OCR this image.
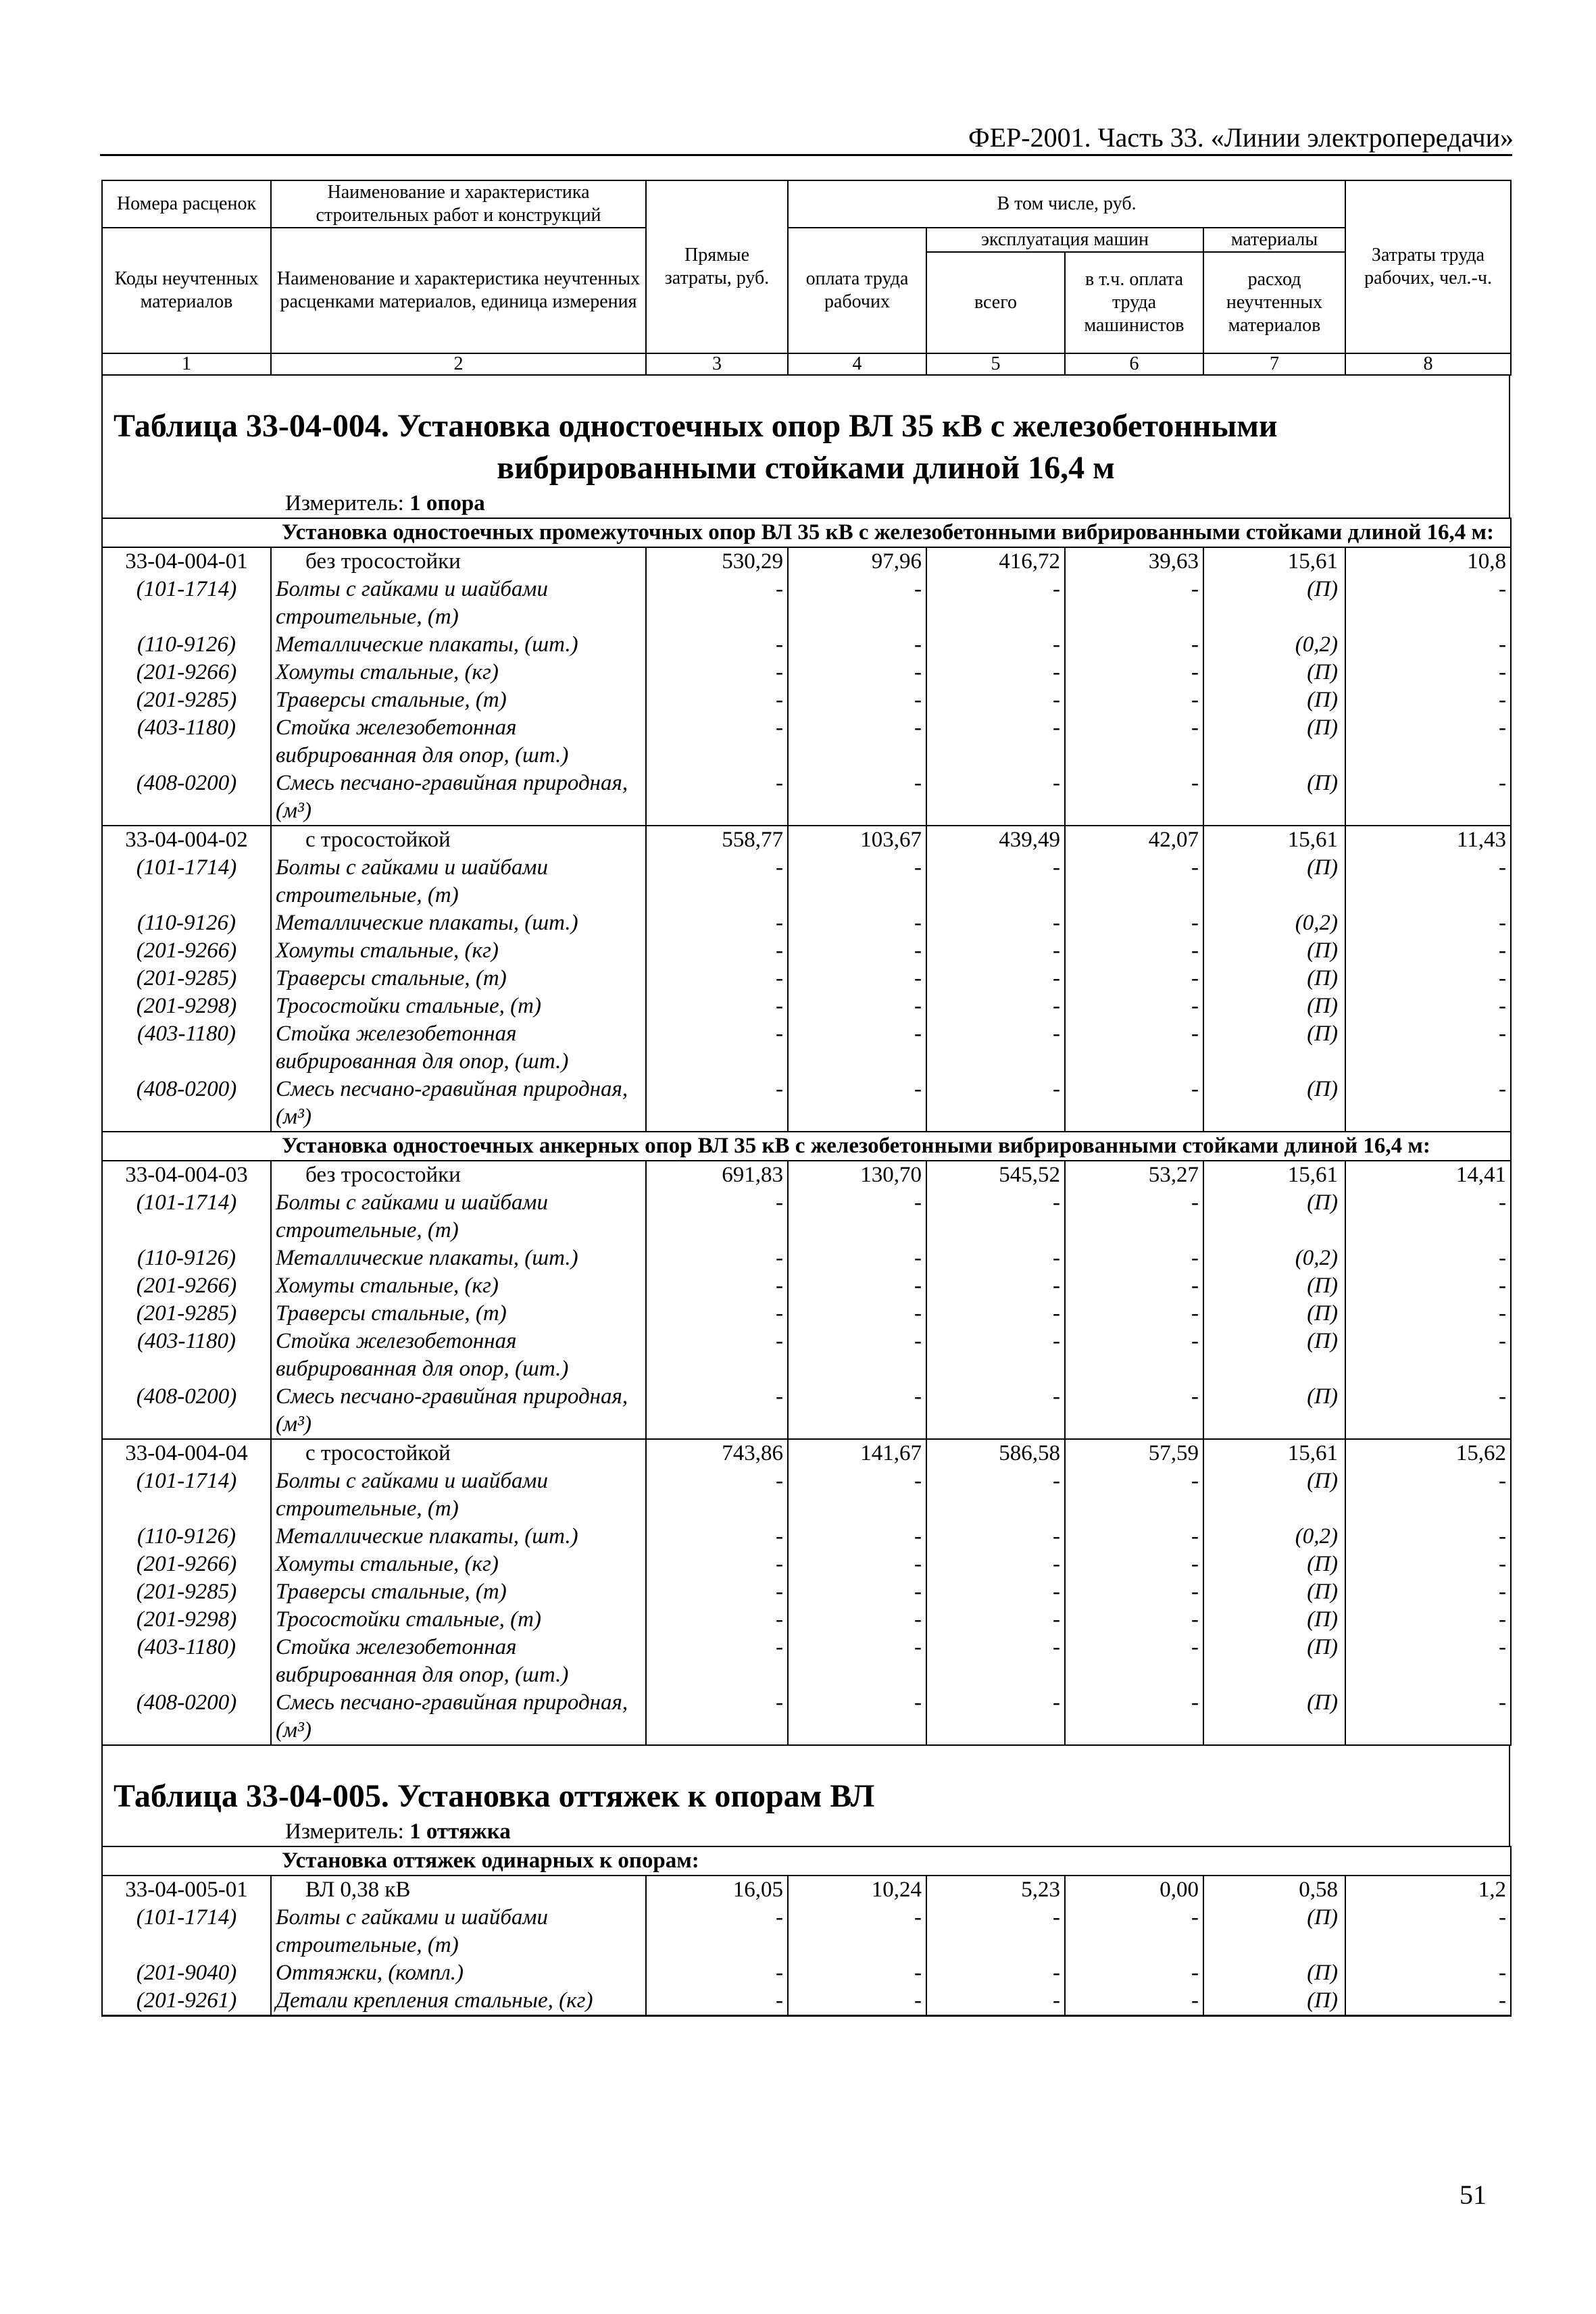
ФЕР-2001. Часть 33. «Линии электропередачи»
Номера расценок	Наименование и характеристика строительных работ и конструкций	Прямые затраты, руб.	В том числе, руб.				Затраты труда рабочих, чел.-ч.
Коды неучтенных материалов	Наименование и характеристика неучтенных расценками материалов, единица измерения		оплата труда рабочих	эксплуатация машин		материалы	
				всего	в т.ч. оплата труда машинистов	расход неучтенных материалов	
1	2	3	4	5	6	7	8
Таблица 33-04-004. Установка одностоечных опор ВЛ 35 кВ с железобетонными
вибрированными стойками длиной 16,4 м
Измеритель: 1 опора
	Установка одностоечных промежуточных опор ВЛ 35 кВ с железобетонными вибрированными стойками длиной 16,4 м:						
33-04-004-01	без тросостойки	530,29	97,96	416,72	39,63	15,61	10,8
(101-1714)	Болты с гайками и шайбами строительные, (т)	-	-	-	-	(П)	-
(110-9126)	Металлические плакаты, (шт.)	-	-	-	-	(0,2)	-
(201-9266)	Хомуты стальные, (кг)	-	-	-	-	(П)	-
(201-9285)	Траверсы стальные, (т)	-	-	-	-	(П)	-
(403-1180)	Стойка железобетонная вибрированная для опор, (шт.)	-	-	-	-	(П)	-
(408-0200)	Смесь песчано-гравийная природная, (м³)	-	-	-	-	(П)	-
33-04-004-02	с тросостойкой	558,77	103,67	439,49	42,07	15,61	11,43
(101-1714)	Болты с гайками и шайбами строительные, (т)	-	-	-	-	(П)	-
(110-9126)	Металлические плакаты, (шт.)	-	-	-	-	(0,2)	-
(201-9266)	Хомуты стальные, (кг)	-	-	-	-	(П)	-
(201-9285)	Траверсы стальные, (т)	-	-	-	-	(П)	-
(201-9298)	Тросостойки стальные, (т)	-	-	-	-	(П)	-
(403-1180)	Стойка железобетонная вибрированная для опор, (шт.)	-	-	-	-	(П)	-
(408-0200)	Смесь песчано-гравийная природная, (м³)	-	-	-	-	(П)	-
	Установка одностоечных анкерных опор ВЛ 35 кВ с железобетонными вибрированными стойками длиной 16,4 м:						
33-04-004-03	без тросостойки	691,83	130,70	545,52	53,27	15,61	14,41
(101-1714)	Болты с гайками и шайбами строительные, (т)	-	-	-	-	(П)	-
(110-9126)	Металлические плакаты, (шт.)	-	-	-	-	(0,2)	-
(201-9266)	Хомуты стальные, (кг)	-	-	-	-	(П)	-
(201-9285)	Траверсы стальные, (т)	-	-	-	-	(П)	-
(403-1180)	Стойка железобетонная вибрированная для опор, (шт.)	-	-	-	-	(П)	-
(408-0200)	Смесь песчано-гравийная природная, (м³)	-	-	-	-	(П)	-
33-04-004-04	с тросостойкой	743,86	141,67	586,58	57,59	15,61	15,62
(101-1714)	Болты с гайками и шайбами строительные, (т)	-	-	-	-	(П)	-
(110-9126)	Металлические плакаты, (шт.)	-	-	-	-	(0,2)	-
(201-9266)	Хомуты стальные, (кг)	-	-	-	-	(П)	-
(201-9285)	Траверсы стальные, (т)	-	-	-	-	(П)	-
(201-9298)	Тросостойки стальные, (т)	-	-	-	-	(П)	-
(403-1180)	Стойка железобетонная вибрированная для опор, (шт.)	-	-	-	-	(П)	-
(408-0200)	Смесь песчано-гравийная природная, (м³)	-	-	-	-	(П)	-
Таблица 33-04-005. Установка оттяжек к опорам ВЛ
Измеритель: 1 оттяжка
	Установка оттяжек одинарных к опорам:						
33-04-005-01	ВЛ 0,38 кВ	16,05	10,24	5,23	0,00	0,58	1,2
(101-1714)	Болты с гайками и шайбами строительные, (т)	-	-	-	-	(П)	-
(201-9040)	Оттяжки, (компл.)	-	-	-	-	(П)	-
(201-9261)	Детали крепления стальные, (кг)	-	-	-	-	(П)	-
51
